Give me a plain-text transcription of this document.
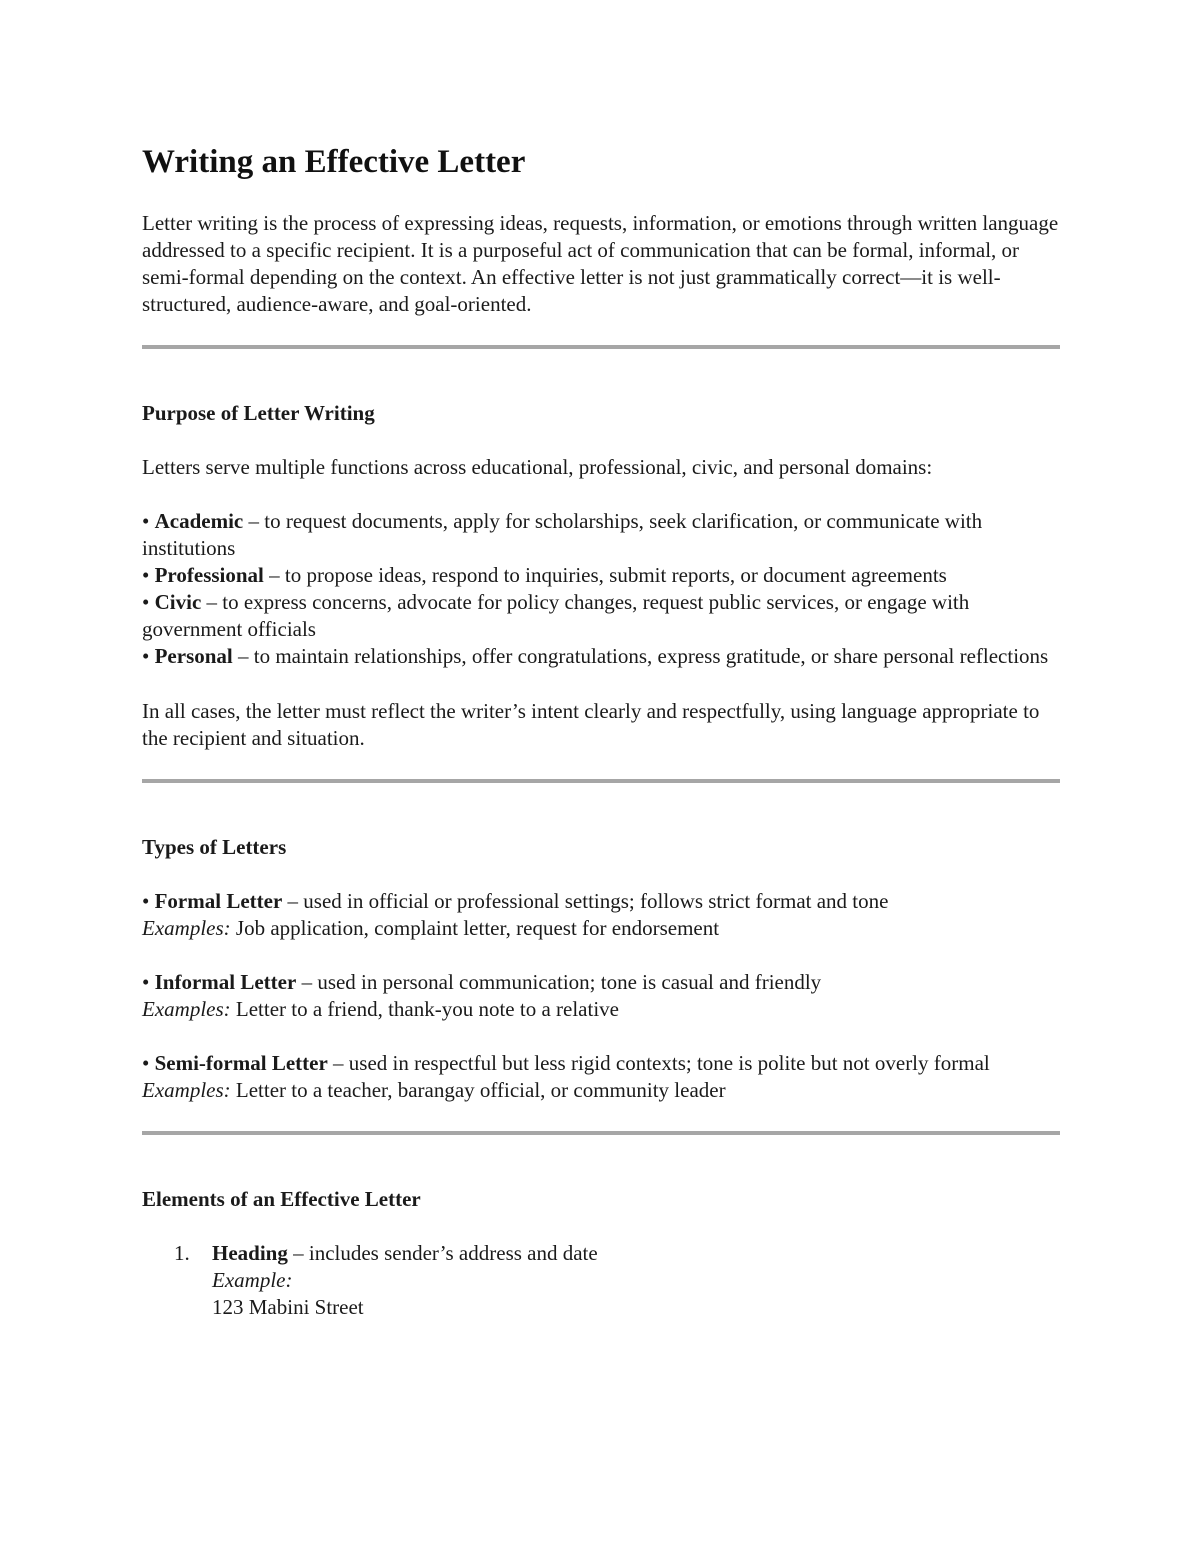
Writing an Effective Letter

Letter writing is the process of expressing ideas, requests, information, or emotions through written language addressed to a specific recipient. It is a purposeful act of communication that can be formal, informal, or semi-formal depending on the context. An effective letter is not just grammatically correct—it is well-structured, audience-aware, and goal-oriented.

Purpose of Letter Writing

Letters serve multiple functions across educational, professional, civic, and personal domains:

• Academic – to request documents, apply for scholarships, seek clarification, or communicate with institutions
• Professional – to propose ideas, respond to inquiries, submit reports, or document agreements
• Civic – to express concerns, advocate for policy changes, request public services, or engage with government officials
• Personal – to maintain relationships, offer congratulations, express gratitude, or share personal reflections

In all cases, the letter must reflect the writer’s intent clearly and respectfully, using language appropriate to the recipient and situation.

Types of Letters
• Formal Letter – used in official or professional settings; follows strict format and tone
Examples: Job application, complaint letter, request for endorsement
• Informal Letter – used in personal communication; tone is casual and friendly
Examples: Letter to a friend, thank-you note to a relative
• Semi-formal Letter – used in respectful but less rigid contexts; tone is polite but not overly formal
Examples: Letter to a teacher, barangay official, or community leader
Elements of an Effective Letter
1. Heading – includes sender’s address and date
Example:
123 Mabini Street
